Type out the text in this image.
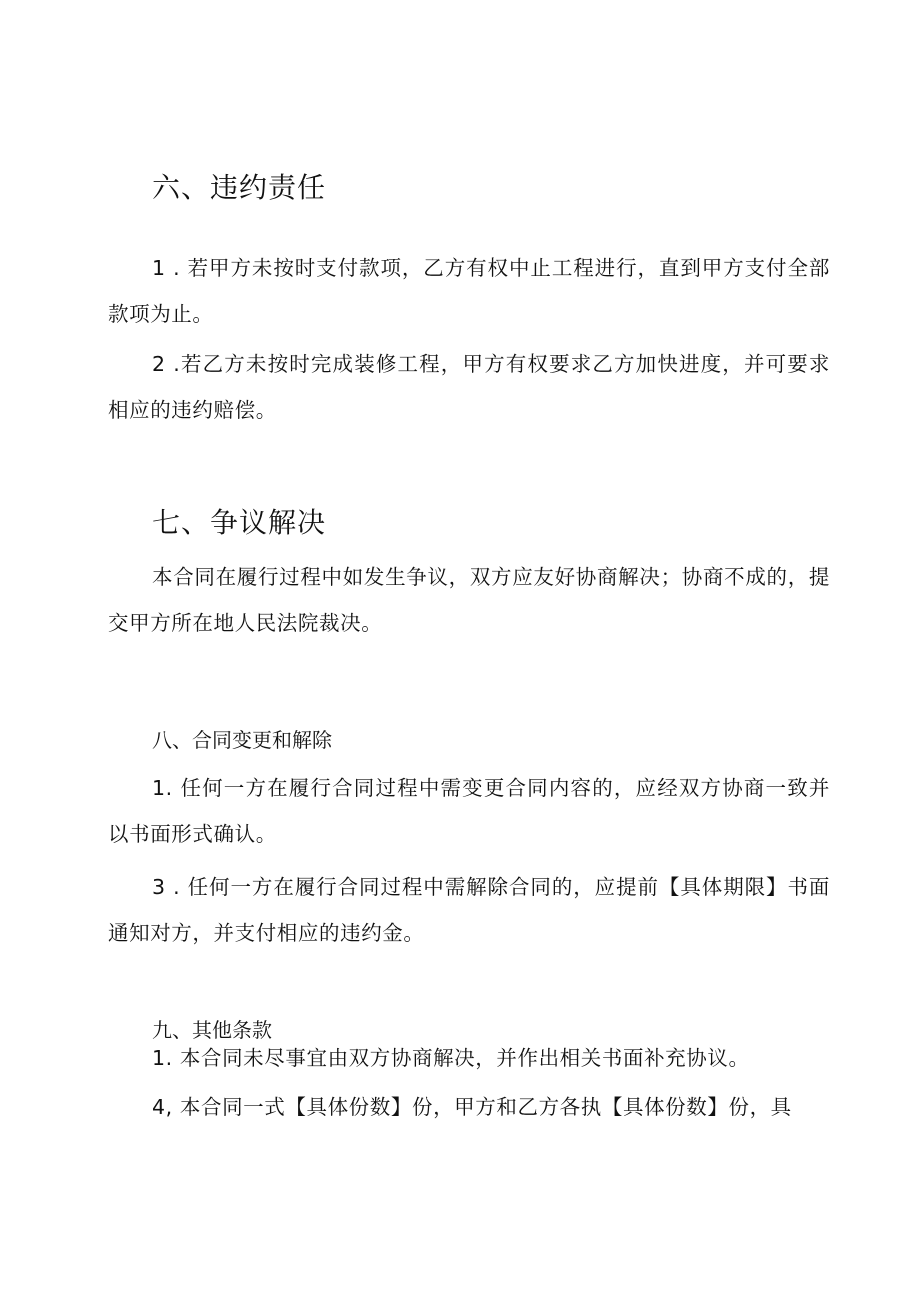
六、违约责任
1 . 若甲方未按时支付款项，乙方有权中止工程进行，直到甲方支付全部款项为止。
2 .若乙方未按时完成装修工程，甲方有权要求乙方加快进度，并可要求相应的违约赔偿。
七、争议解决
本合同在履行过程中如发生争议，双方应友好协商解决；协商不成的，提交甲方所在地人民法院裁决。
八、合同变更和解除
1. 任何一方在履行合同过程中需变更合同内容的，应经双方协商一致并以书面形式确认。
3 . 任何一方在履行合同过程中需解除合同的，应提前【具体期限】书面通知对方，并支付相应的违约金。
九、其他条款
1. 本合同未尽事宜由双方协商解决，并作出相关书面补充协议。
4, 本合同一式【具体份数】份，甲方和乙方各执【具体份数】份，具
